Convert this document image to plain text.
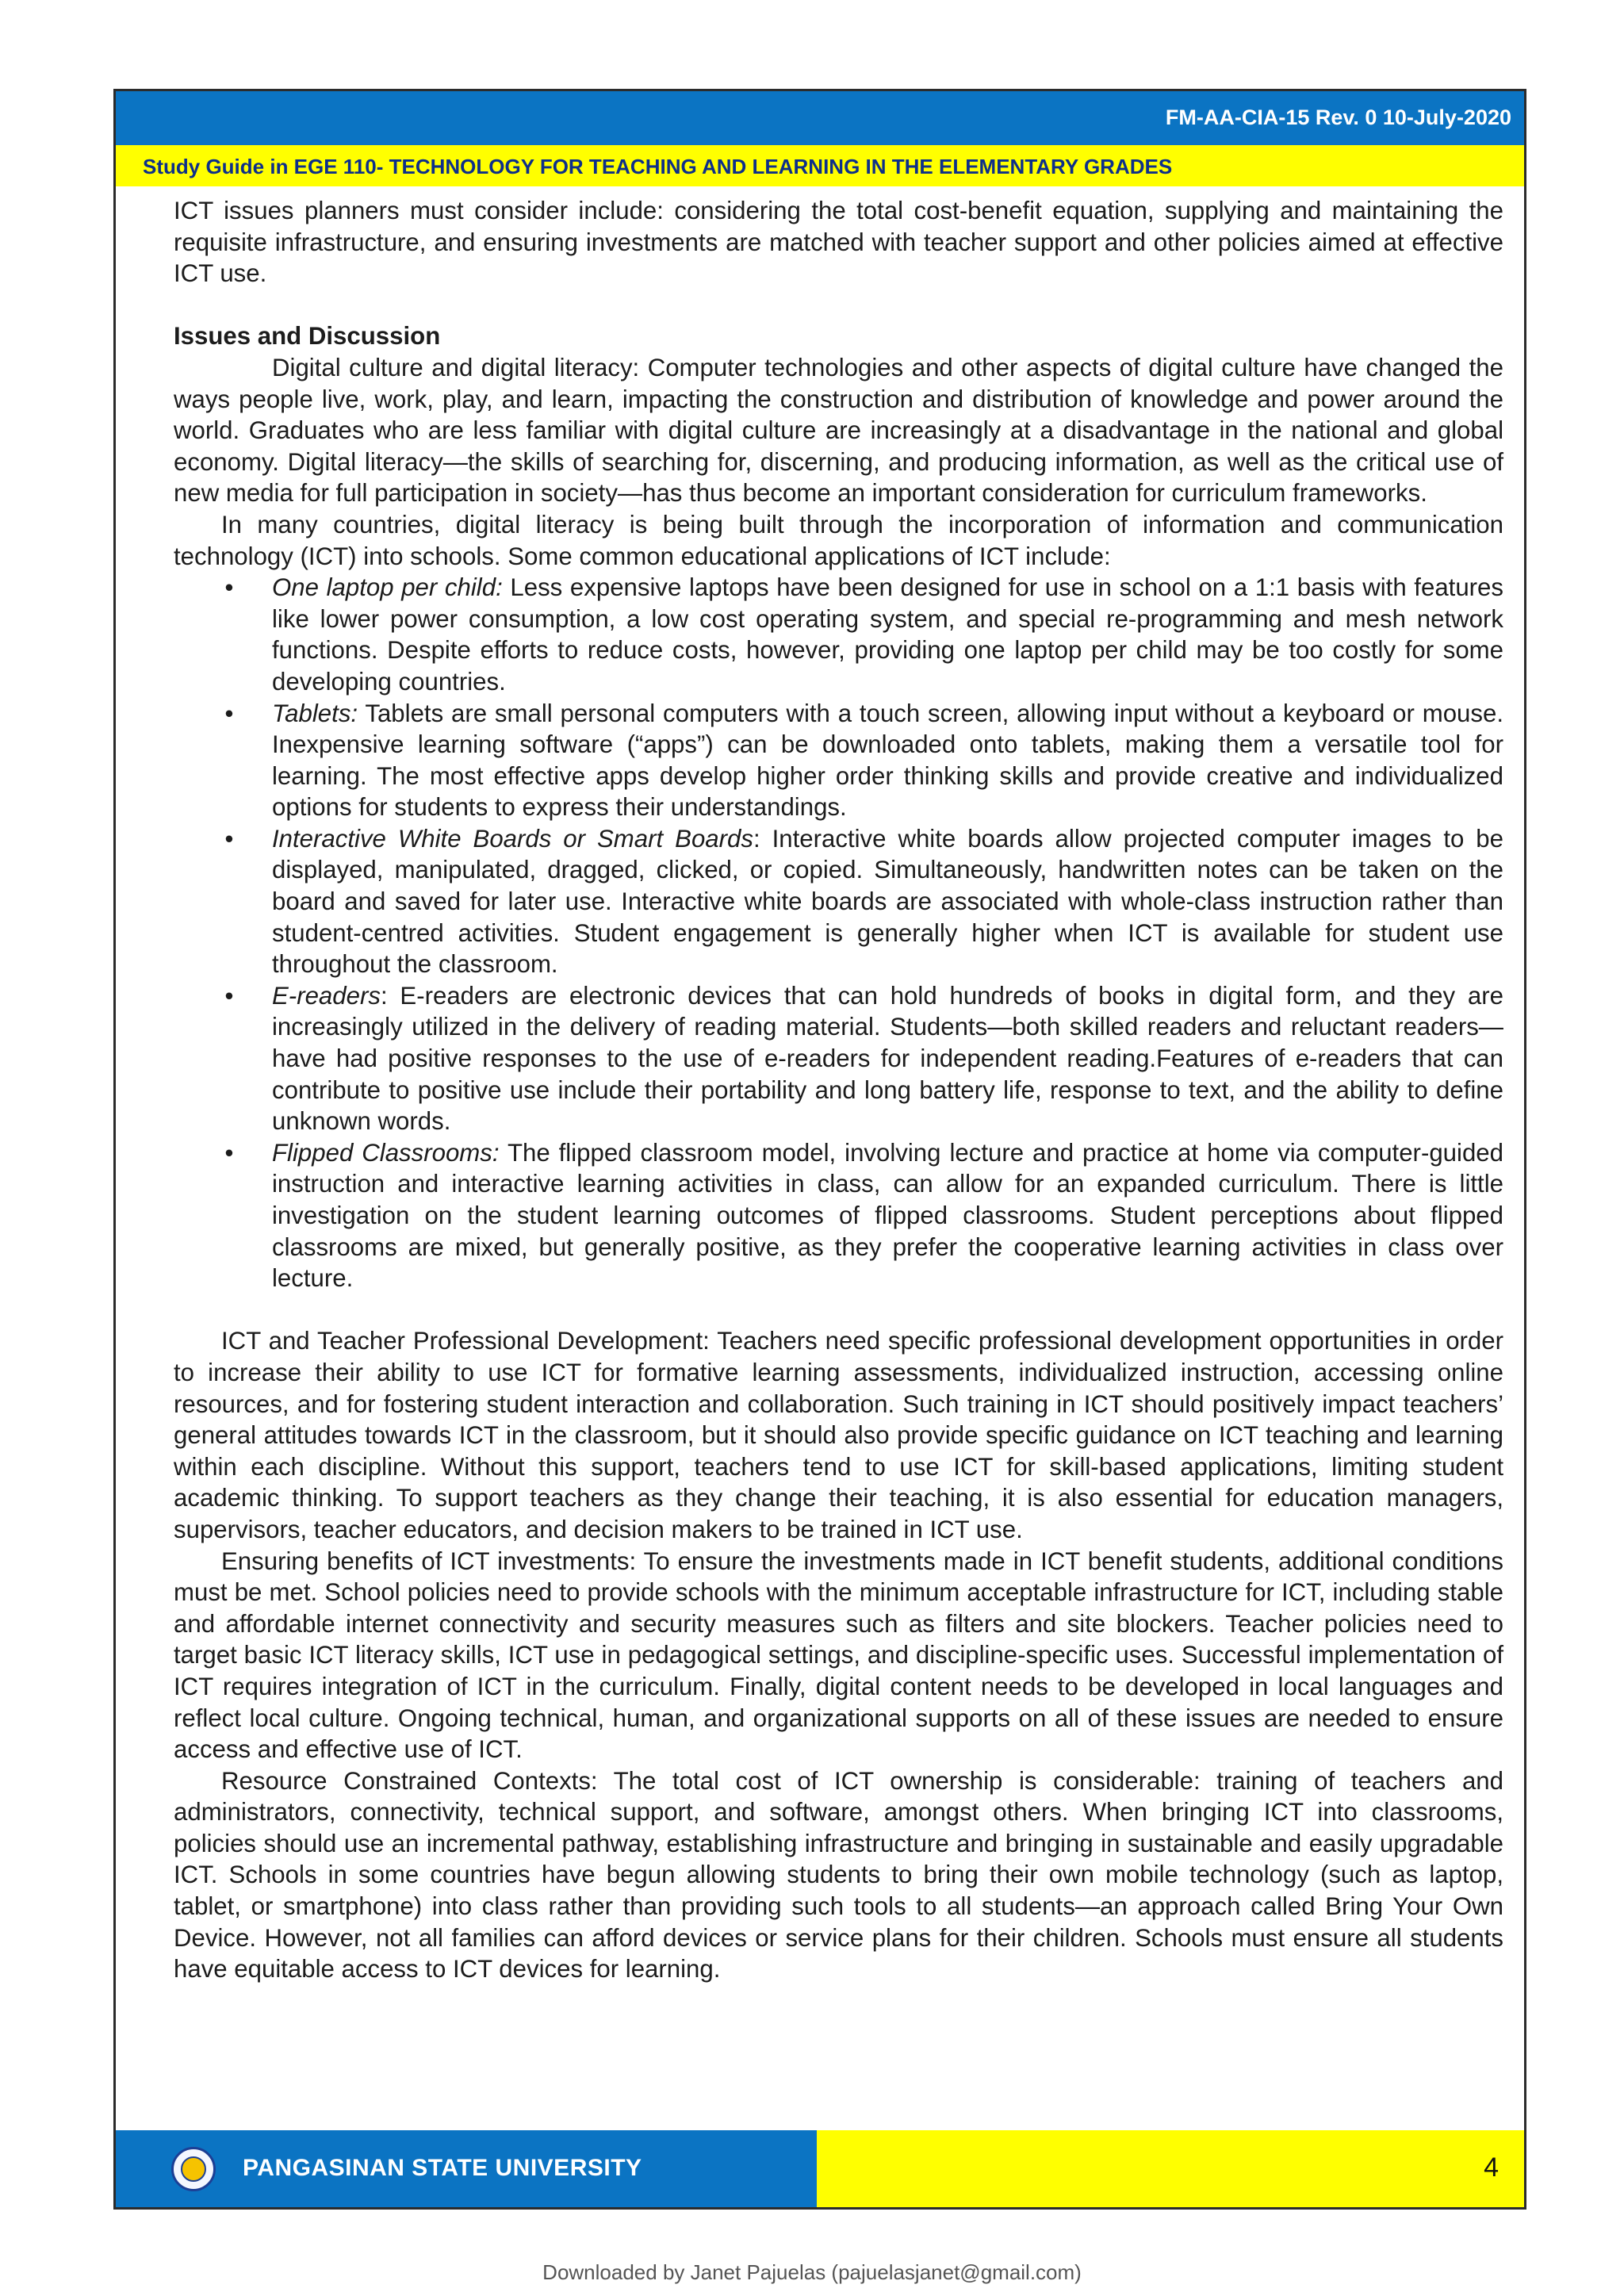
FM-AA-CIA-15 Rev. 0 10-July-2020
Study Guide in EGE 110- TECHNOLOGY FOR TEACHING AND LEARNING IN THE ELEMENTARY GRADES

ICT issues planners must consider include: considering the total cost-benefit equation, supplying and maintaining the requisite infrastructure, and ensuring investments are matched with teacher support and other policies aimed at effective ICT use.

Issues and Discussion

Digital culture and digital literacy: Computer technologies and other aspects of digital culture have changed the ways people live, work, play, and learn, impacting the construction and distribution of knowledge and power around the world. Graduates who are less familiar with digital culture are increasingly at a disadvantage in the national and global economy. Digital literacy—the skills of searching for, discerning, and producing information, as well as the critical use of new media for full participation in society—has thus become an important consideration for curriculum frameworks.

In many countries, digital literacy is being built through the incorporation of information and communication technology (ICT) into schools. Some common educational applications of ICT include:

• One laptop per child: Less expensive laptops have been designed for use in school on a 1:1 basis with features like lower power consumption, a low cost operating system, and special re-programming and mesh network functions. Despite efforts to reduce costs, however, providing one laptop per child may be too costly for some developing countries.
• Tablets: Tablets are small personal computers with a touch screen, allowing input without a keyboard or mouse. Inexpensive learning software (“apps”) can be downloaded onto tablets, making them a versatile tool for learning. The most effective apps develop higher order thinking skills and provide creative and individualized options for students to express their understandings.
• Interactive White Boards or Smart Boards: Interactive white boards allow projected computer images to be displayed, manipulated, dragged, clicked, or copied. Simultaneously, handwritten notes can be taken on the board and saved for later use. Interactive white boards are associated with whole-class instruction rather than student-centred activities. Student engagement is generally higher when ICT is available for student use throughout the classroom.
• E-readers: E-readers are electronic devices that can hold hundreds of books in digital form, and they are increasingly utilized in the delivery of reading material. Students—both skilled readers and reluctant readers—have had positive responses to the use of e-readers for independent reading.Features of e-readers that can contribute to positive use include their portability and long battery life, response to text, and the ability to define unknown words.
• Flipped Classrooms: The flipped classroom model, involving lecture and practice at home via computer-guided instruction and interactive learning activities in class, can allow for an expanded curriculum. There is little investigation on the student learning outcomes of flipped classrooms. Student perceptions about flipped classrooms are mixed, but generally positive, as they prefer the cooperative learning activities in class over lecture.

ICT and Teacher Professional Development: Teachers need specific professional development opportunities in order to increase their ability to use ICT for formative learning assessments, individualized instruction, accessing online resources, and for fostering student interaction and collaboration. Such training in ICT should positively impact teachers’ general attitudes towards ICT in the classroom, but it should also provide specific guidance on ICT teaching and learning within each discipline. Without this support, teachers tend to use ICT for skill-based applications, limiting student academic thinking. To support teachers as they change their teaching, it is also essential for education managers, supervisors, teacher educators, and decision makers to be trained in ICT use.

Ensuring benefits of ICT investments: To ensure the investments made in ICT benefit students, additional conditions must be met. School policies need to provide schools with the minimum acceptable infrastructure for ICT, including stable and affordable internet connectivity and security measures such as filters and site blockers. Teacher policies need to target basic ICT literacy skills, ICT use in pedagogical settings, and discipline-specific uses. Successful implementation of ICT requires integration of ICT in the curriculum. Finally, digital content needs to be developed in local languages and reflect local culture. Ongoing technical, human, and organizational supports on all of these issues are needed to ensure access and effective use of ICT.

Resource Constrained Contexts: The total cost of ICT ownership is considerable: training of teachers and administrators, connectivity, technical support, and software, amongst others. When bringing ICT into classrooms, policies should use an incremental pathway, establishing infrastructure and bringing in sustainable and easily upgradable ICT. Schools in some countries have begun allowing students to bring their own mobile technology (such as laptop, tablet, or smartphone) into class rather than providing such tools to all students—an approach called Bring Your Own Device. However, not all families can afford devices or service plans for their children. Schools must ensure all students have equitable access to ICT devices for learning.

PANGASINAN STATE UNIVERSITY	4
Downloaded by Janet Pajuelas (pajuelasjanet@gmail.com)
